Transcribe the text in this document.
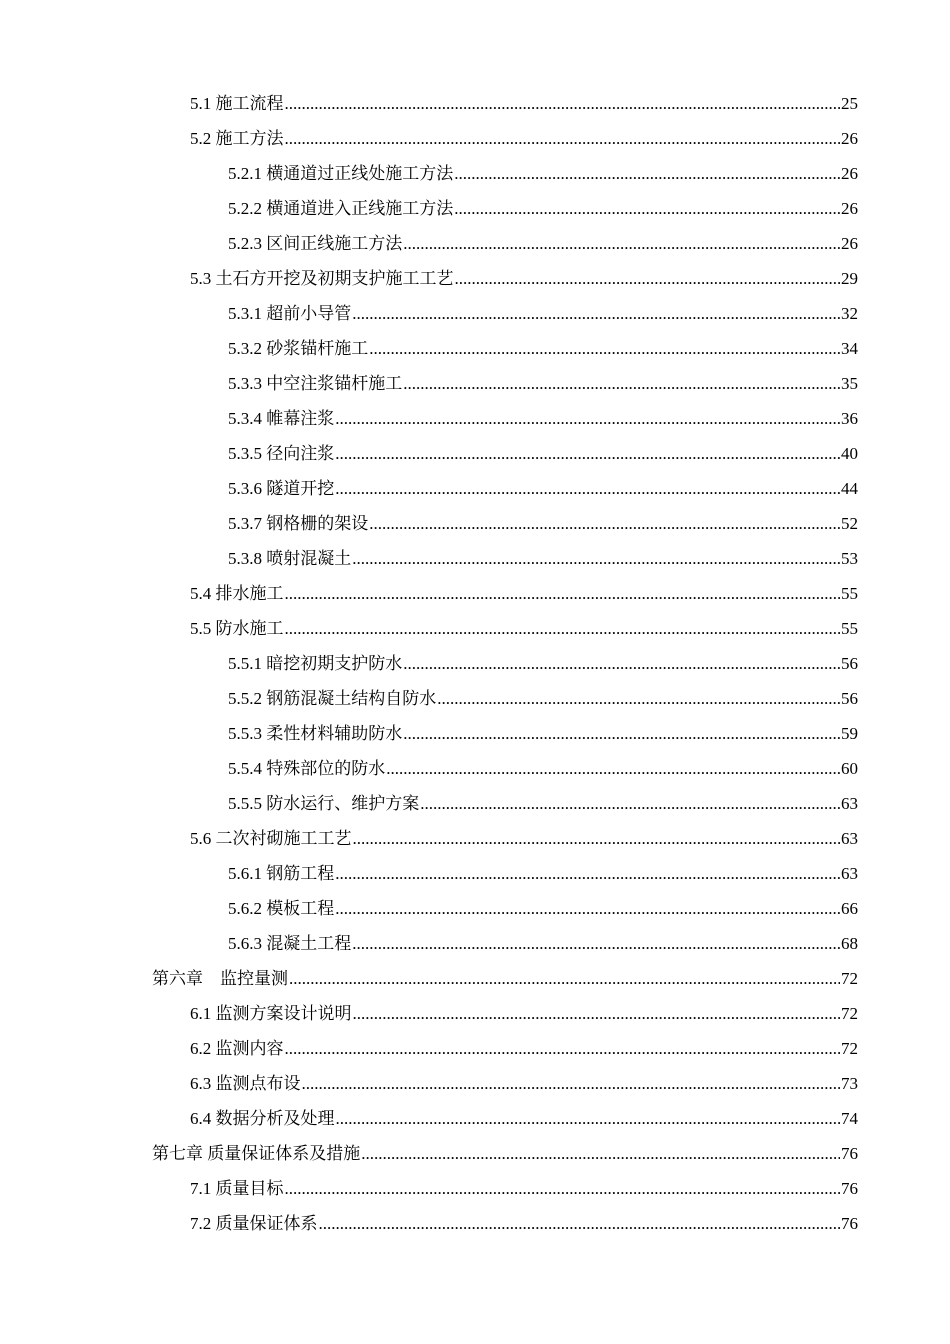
5.1 施工流程 .....	25
5.2 施工方法 .....	26
5.2.1 横通道过正线处施工方法 .....	26
5.2.2 横通道进入正线施工方法 .....	26
5.2.3 区间正线施工方法 .....	26
5.3 土石方开挖及初期支护施工工艺 .....	29
5.3.1 超前小导管 .....	32
5.3.2 砂浆锚杆施工 .....	34
5.3.3 中空注浆锚杆施工 .....	35
5.3.4 帷幕注浆 .....	36
5.3.5 径向注浆 .....	40
5.3.6 隧道开挖 .....	44
5.3.7 钢格栅的架设 .....	52
5.3.8 喷射混凝土 .....	53
5.4 排水施工 .....	55
5.5 防水施工 .....	55
5.5.1 暗挖初期支护防水 .....	56
5.5.2 钢筋混凝土结构自防水 .....	56
5.5.3 柔性材料辅助防水 .....	59
5.5.4 特殊部位的防水 .....	60
5.5.5 防水运行、维护方案 .....	63
5.6 二次衬砌施工工艺 .....	63
5.6.1 钢筋工程 .....	63
5.6.2 模板工程 .....	66
5.6.3 混凝土工程 .....	68
第六章　监控量测 .....	72
6.1 监测方案设计说明 .....	72
6.2 监测内容 .....	72
6.3 监测点布设 .....	73
6.4 数据分析及处理 .....	74
第七章 质量保证体系及措施 .....	76
7.1 质量目标 .....	76
7.2 质量保证体系 .....	76
